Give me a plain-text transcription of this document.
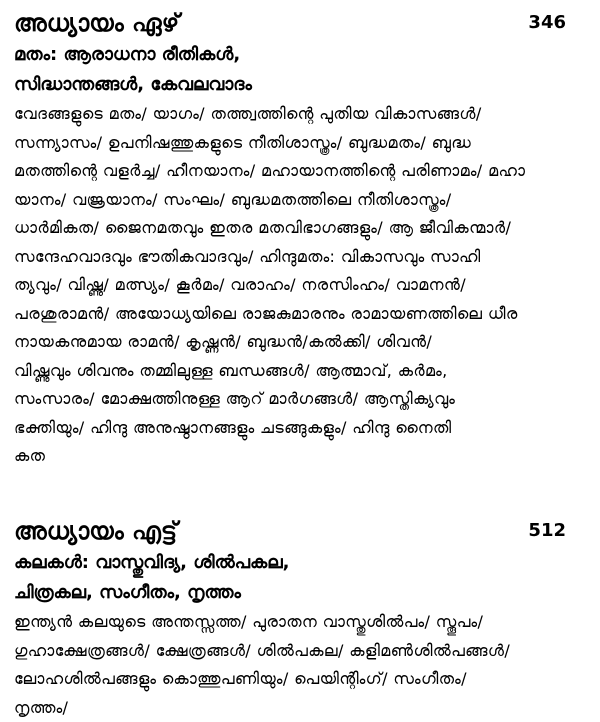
അധ്യായം ഏഴ്	346
മതം: ആരാധനാ രീതികൾ,
സിദ്ധാന്തങ്ങൾ, കേവലവാദം
വേദങ്ങളുടെ മതം/ യാഗം/ തത്ത്വത്തിന്റെ പുതിയ വികാസങ്ങൾ/
സന്ന്യാസം/ ഉപനിഷത്തുകളുടെ നീതിശാസ്ത്രം/ ബുദ്ധമതം/ ബുദ്ധ
മതത്തിന്റെ വളർച്ച/ ഹീനയാനം/ മഹായാനത്തിന്റെ പരിണാമം/ മഹാ
യാനം/ വജ്രയാനം/ സംഘം/ ബുദ്ധമതത്തിലെ നീതിശാസ്ത്രം/
ധാർമികത/ ജൈനമതവും ഇതര മതവിഭാഗങ്ങളും/ ആ ജീവികന്മാർ/
സന്ദേഹവാദവും ഭൗതികവാദവും/ ഹിന്ദുമതം: വികാസവും സാഹി
ത്യവും/ വിഷ്ണു/ മത്സ്യം/ കൂർമം/ വരാഹം/ നരസിംഹം/ വാമനൻ/
പരശുരാമൻ/ അയോധ്യയിലെ രാജകുമാരനും രാമായണത്തിലെ ധീര
നായകനുമായ രാമൻ/ കൃഷ്ണൻ/ ബുദ്ധൻ/കൽക്കി/ ശിവൻ/
വിഷ്ണുവും ശിവനും തമ്മിലുള്ള ബന്ധങ്ങൾ/ ആത്മാവ്, കർമം,
സംസാരം/ മോക്ഷത്തിനുള്ള ആറ് മാർഗങ്ങൾ/ ആസ്തിക്യവും
ഭക്തിയും/ ഹിന്ദു അനുഷ്ഠാനങ്ങളും ചടങ്ങുകളും/ ഹിന്ദു നൈതി
കത
അധ്യായം എട്ട്	512
കലകൾ: വാസ്തുവിദ്യ, ശിൽപകല,
ചിത്രകല, സംഗീതം, നൃത്തം
ഇന്ത്യൻ കലയുടെ അന്തസ്സത്ത/ പുരാതന വാസ്തുശിൽപം/ സ്തൂപം/
ഗുഹാക്ഷേത്രങ്ങൾ/ ക്ഷേത്രങ്ങൾ/ ശിൽപകല/ കളിമൺശിൽപങ്ങൾ/
ലോഹശിൽപങ്ങളും കൊത്തുപണിയും/ പെയിന്റിംഗ്/ സംഗീതം/
നൃത്തം/
